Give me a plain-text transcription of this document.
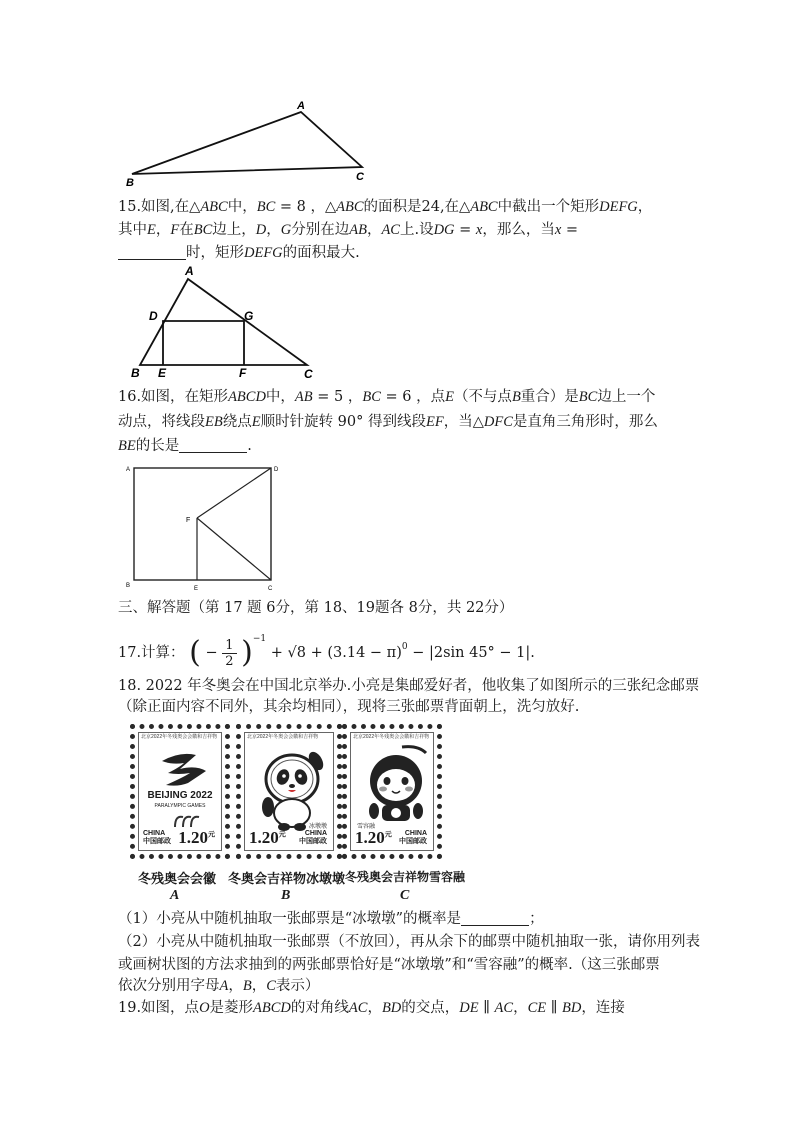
A
B	C
15.如图,在△ABC中，BC = 8 ，△ABC的面积是24,在△ABC中截出一个矩形DEFG，
其中E，F在BC边上，D，G分别在边AB，AC上.设DG = x，那么，当x =
时，矩形DEFG的面积最大.
A
D	G
B E	F	C
16.如图，在矩形ABCD中，AB = 5 ，BC = 6 ，点E（不与点B重合）是BC边上一个
动点，将线段EB绕点E顺时针旋转 90° 得到线段EF，当△DFC是直角三角形时，那么
BE的长是	.
A	D
F
B	E	C
三、解答题（第 17 题 6分，第 18、19题各 8分，共 22分）
17.计算： ( − $\frac{1}{2} )^{-1} + √8 + (3.14 - \pi)^0 - |2\sin$ 45° − 1|.
18. 2022 年冬奥会在中国北京举办.小亮是集邮爱好者，他收集了如图所示的三张纪念邮票
（除正面内容不同外，其余均相同），现将三张邮票背面朝上，洗匀放好.
北京2022年冬残奥会会徽和吉祥物
BEIJING 2022
PARALYMPIC GAMES
CHINA
中国邮政 $1.20^元$
北京2022年冬奥会会徽和吉祥物
冰墩墩
$1.20^元$	CHINA
中国邮政
北京2022年冬残奥会会徽和吉祥物
雪容融
$1.20^元$	CHINA
中国邮政
冬残奥会会徽 冬奥会吉祥物冰墩墩 冬残奥会吉祥物雪容融
A	B	C
（1）小亮从中随机抽取一张邮票是“冰墩墩”的概率是	；
（2）小亮从中随机抽取一张邮票（不放回），再从余下的邮票中随机抽取一张，请你用列表
或画树状图的方法求抽到的两张邮票恰好是“冰墩墩”和“雪容融”的概率.（这三张邮票
依次分别用字母A，B，C表示）
19.如图，点O是菱形ABCD的对角线AC，BD的交点，DE ∥ AC，CE ∥ BD，连接
